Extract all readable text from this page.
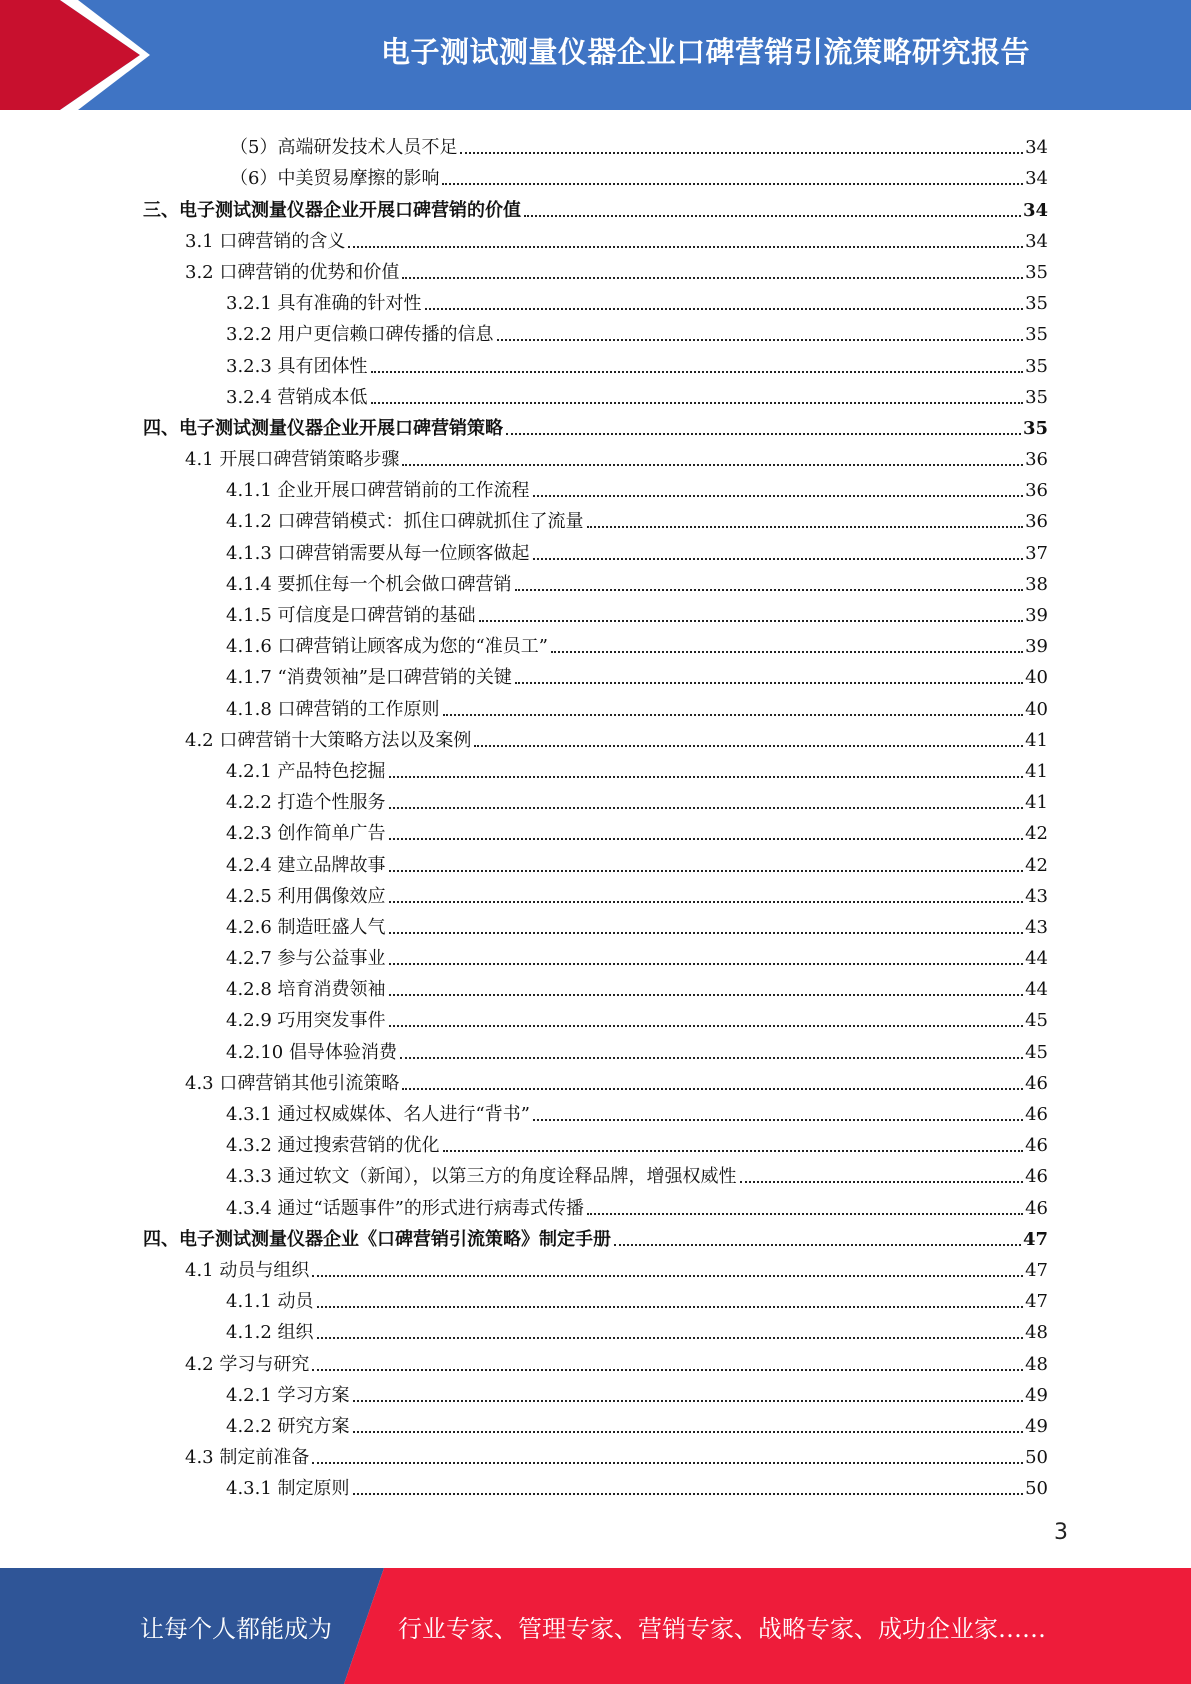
电子测试测量仪器企业口碑营销引流策略研究报告
（5）高端研发技术人员不足	34
（6）中美贸易摩擦的影响	34
三、电子测试测量仪器企业开展口碑营销的价值	34
3.1 口碑营销的含义	34
3.2 口碑营销的优势和价值	35
3.2.1 具有准确的针对性	35
3.2.2 用户更信赖口碑传播的信息	35
3.2.3 具有团体性	35
3.2.4 营销成本低	35
四、电子测试测量仪器企业开展口碑营销策略	35
4.1 开展口碑营销策略步骤	36
4.1.1 企业开展口碑营销前的工作流程	36
4.1.2 口碑营销模式：抓住口碑就抓住了流量	36
4.1.3 口碑营销需要从每一位顾客做起	37
4.1.4 要抓住每一个机会做口碑营销	38
4.1.5 可信度是口碑营销的基础	39
4.1.6 口碑营销让顾客成为您的“准员工”	39
4.1.7 “消费领袖”是口碑营销的关键	40
4.1.8 口碑营销的工作原则	40
4.2 口碑营销十大策略方法以及案例	41
4.2.1 产品特色挖掘	41
4.2.2 打造个性服务	41
4.2.3 创作简单广告	42
4.2.4 建立品牌故事	42
4.2.5 利用偶像效应	43
4.2.6 制造旺盛人气	43
4.2.7 参与公益事业	44
4.2.8 培育消费领袖	44
4.2.9 巧用突发事件	45
4.2.10 倡导体验消费	45
4.3 口碑营销其他引流策略	46
4.3.1 通过权威媒体、名人进行“背书”	46
4.3.2 通过搜索营销的优化	46
4.3.3 通过软文（新闻），以第三方的角度诠释品牌，增强权威性	46
4.3.4 通过“话题事件”的形式进行病毒式传播	46
四、电子测试测量仪器企业《口碑营销引流策略》制定手册	47
4.1 动员与组织	47
4.1.1 动员	47
4.1.2 组织	48
4.2 学习与研究	48
4.2.1 学习方案	49
4.2.2 研究方案	49
4.3 制定前准备	50
4.3.1 制定原则	50
3
让每个人都能成为	行业专家、管理专家、营销专家、战略专家、成功企业家……
